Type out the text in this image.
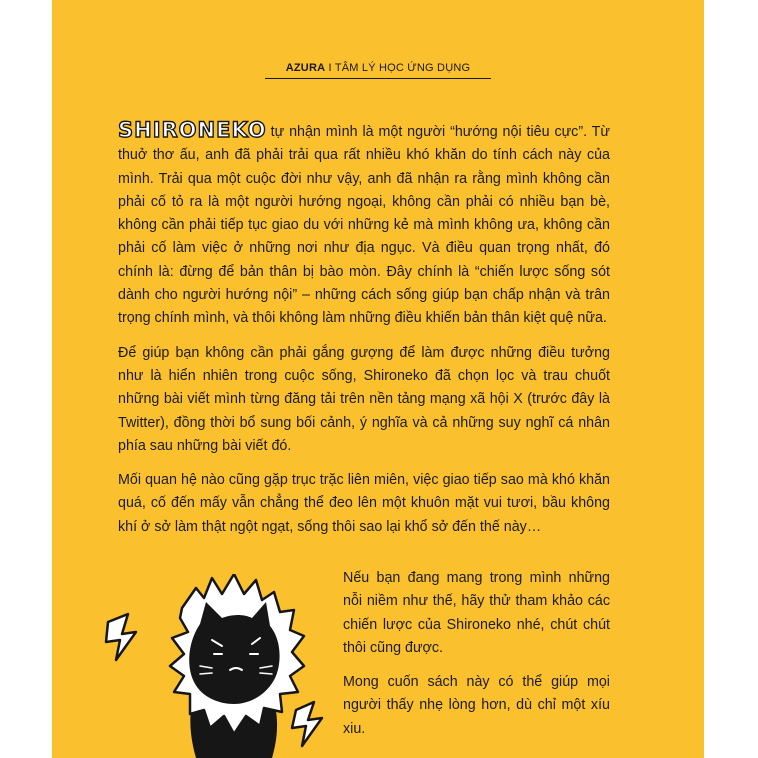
AZURA I TÂM LÝ HỌC ỨNG DỤNG

SHIRONEKO tự nhận mình là một người “hướng nội tiêu cực”. Từ thuở thơ ấu, anh đã phải trải qua rất nhiều khó khăn do tính cách này của mình. Trải qua một cuộc đời như vậy, anh đã nhận ra rằng mình không cần phải cố tỏ ra là một người hướng ngoại, không cần phải có nhiều bạn bè, không cần phải tiếp tục giao du với những kẻ mà mình không ưa, không cần phải cố làm việc ở những nơi như địa ngục. Và điều quan trọng nhất, đó chính là: đừng để bản thân bị bào mòn. Đây chính là “chiến lược sống sót dành cho người hướng nội” – những cách sống giúp bạn chấp nhận và trân trọng chính mình, và thôi không làm những điều khiến bản thân kiệt quệ nữa.

Để giúp bạn không cần phải gắng gượng để làm được những điều tưởng như là hiển nhiên trong cuộc sống, Shironeko đã chọn lọc và trau chuốt những bài viết mình từng đăng tải trên nền tảng mạng xã hội X (trước đây là Twitter), đồng thời bổ sung bối cảnh, ý nghĩa và cả những suy nghĩ cá nhân phía sau những bài viết đó.

Mối quan hệ nào cũng gặp trục trặc liên miên, việc giao tiếp sao mà khó khăn quá, cố đến mấy vẫn chẳng thể đeo lên một khuôn mặt vui tươi, bầu không khí ở sở làm thật ngột ngạt, sống thôi sao lại khổ sở đến thế này…

Nếu bạn đang mang trong mình những nỗi niềm như thế, hãy thử tham khảo các chiến lược của Shironeko nhé, chút chút thôi cũng được.

Mong cuốn sách này có thể giúp mọi người thấy nhẹ lòng hơn, dù chỉ một xíu xiu.
